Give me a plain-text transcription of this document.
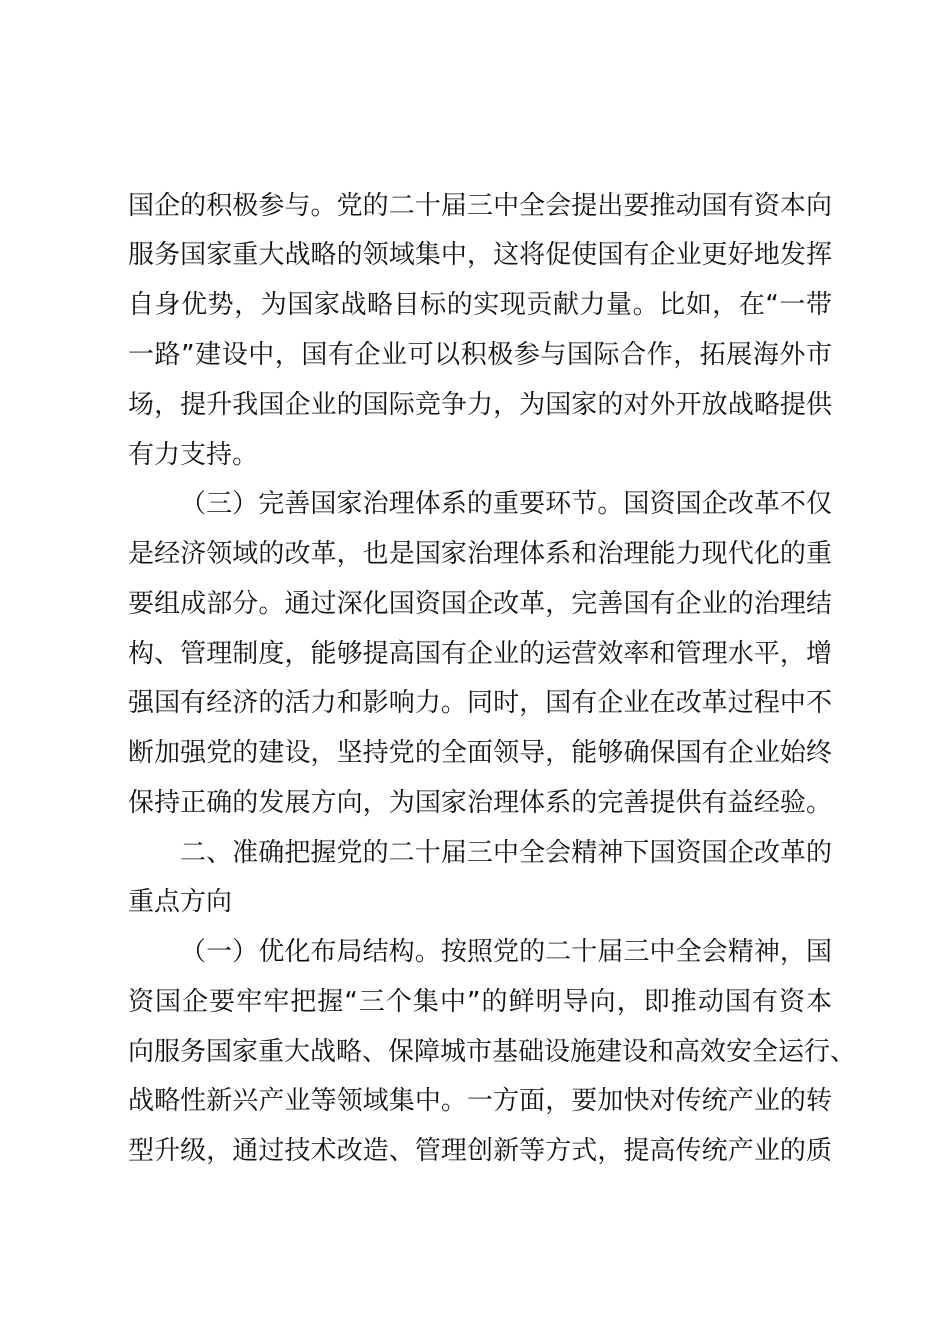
国企的积极参与。党的二十届三中全会提出要推动国有资本向
服务国家重大战略的领域集中，这将促使国有企业更好地发挥
自身优势，为国家战略目标的实现贡献力量。比如，在“一带
一路”建设中，国有企业可以积极参与国际合作，拓展海外市
场，提升我国企业的国际竞争力，为国家的对外开放战略提供
有力支持。
（三）完善国家治理体系的重要环节。国资国企改革不仅
是经济领域的改革，也是国家治理体系和治理能力现代化的重
要组成部分。通过深化国资国企改革，完善国有企业的治理结
构、管理制度，能够提高国有企业的运营效率和管理水平，增
强国有经济的活力和影响力。同时，国有企业在改革过程中不
断加强党的建设，坚持党的全面领导，能够确保国有企业始终
保持正确的发展方向，为国家治理体系的完善提供有益经验。
二、准确把握党的二十届三中全会精神下国资国企改革的
重点方向
（一）优化布局结构。按照党的二十届三中全会精神，国
资国企要牢牢把握“三个集中”的鲜明导向，即推动国有资本
向服务国家重大战略、保障城市基础设施建设和高效安全运行、
战略性新兴产业等领域集中。一方面，要加快对传统产业的转
型升级，通过技术改造、管理创新等方式，提高传统产业的质
